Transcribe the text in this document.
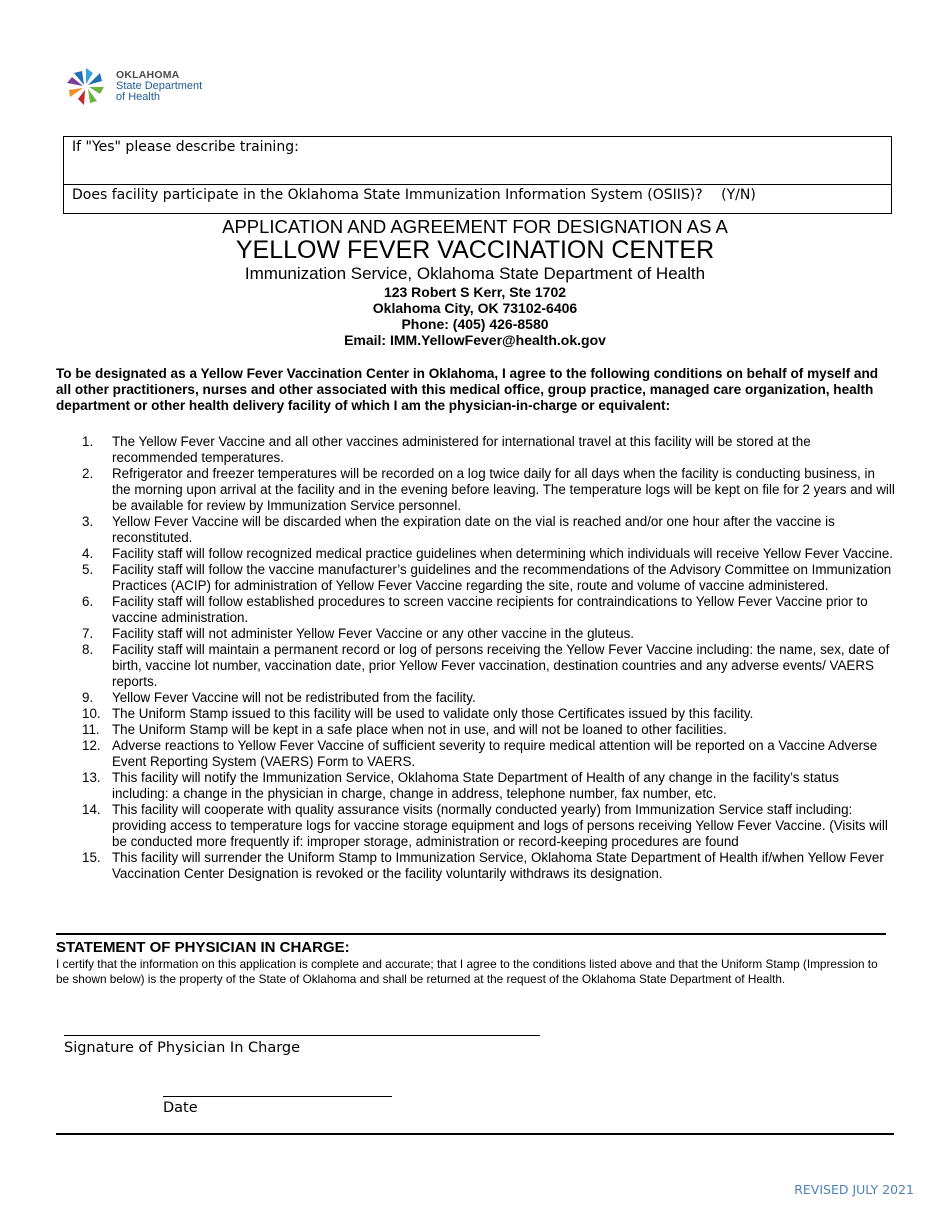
OKLAHOMA
State Department
of Health
If "Yes" please describe training:
Does facility participate in the Oklahoma State Immunization Information System (OSIIS)? (Y/N)
APPLICATION AND AGREEMENT FOR DESIGNATION AS A
YELLOW FEVER VACCINATION CENTER
Immunization Service, Oklahoma State Department of Health
123 Robert S Kerr, Ste 1702
Oklahoma City, OK 73102-6406
Phone: (405) 426-8580
Email: IMM.YellowFever@health.ok.gov
To be designated as a Yellow Fever Vaccination Center in Oklahoma, I agree to the following conditions on behalf of myself and all other practitioners, nurses and other associated with this medical office, group practice, managed care organization, health department or other health delivery facility of which I am the physician-in-charge or equivalent:
1.	The Yellow Fever Vaccine and all other vaccines administered for international travel at this facility will be stored at the recommended temperatures.
2.	Refrigerator and freezer temperatures will be recorded on a log twice daily for all days when the facility is conducting business, in the morning upon arrival at the facility and in the evening before leaving. The temperature logs will be kept on file for 2 years and will be available for review by Immunization Service personnel.
3.	Yellow Fever Vaccine will be discarded when the expiration date on the vial is reached and/or one hour after the vaccine is reconstituted.
4.	Facility staff will follow recognized medical practice guidelines when determining which individuals will receive Yellow Fever Vaccine.
5.	Facility staff will follow the vaccine manufacturer’s guidelines and the recommendations of the Advisory Committee on Immunization Practices (ACIP) for administration of Yellow Fever Vaccine regarding the site, route and volume of vaccine administered.
6.	Facility staff will follow established procedures to screen vaccine recipients for contraindications to Yellow Fever Vaccine prior to vaccine administration.
7.	Facility staff will not administer Yellow Fever Vaccine or any other vaccine in the gluteus.
8.	Facility staff will maintain a permanent record or log of persons receiving the Yellow Fever Vaccine including: the name, sex, date of birth, vaccine lot number, vaccination date, prior Yellow Fever vaccination, destination countries and any adverse events/ VAERS reports.
9.	Yellow Fever Vaccine will not be redistributed from the facility.
10. The Uniform Stamp issued to this facility will be used to validate only those Certificates issued by this facility.
11. The Uniform Stamp will be kept in a safe place when not in use, and will not be loaned to other facilities.
12. Adverse reactions to Yellow Fever Vaccine of sufficient severity to require medical attention will be reported on a Vaccine Adverse Event Reporting System (VAERS) Form to VAERS.
13. This facility will notify the Immunization Service, Oklahoma State Department of Health of any change in the facility’s status including: a change in the physician in charge, change in address, telephone number, fax number, etc.
14. This facility will cooperate with quality assurance visits (normally conducted yearly) from Immunization Service staff including: providing access to temperature logs for vaccine storage equipment and logs of persons receiving Yellow Fever Vaccine. (Visits will be conducted more frequently if: improper storage, administration or record-keeping procedures are found
15. This facility will surrender the Uniform Stamp to Immunization Service, Oklahoma State Department of Health if/when Yellow Fever Vaccination Center Designation is revoked or the facility voluntarily withdraws its designation.
STATEMENT OF PHYSICIAN IN CHARGE:
I certify that the information on this application is complete and accurate; that I agree to the conditions listed above and that the Uniform Stamp (Impression to be shown below) is the property of the State of Oklahoma and shall be returned at the request of the Oklahoma State Department of Health.
Signature of Physician In Charge
Date
REVISED JULY 2021
